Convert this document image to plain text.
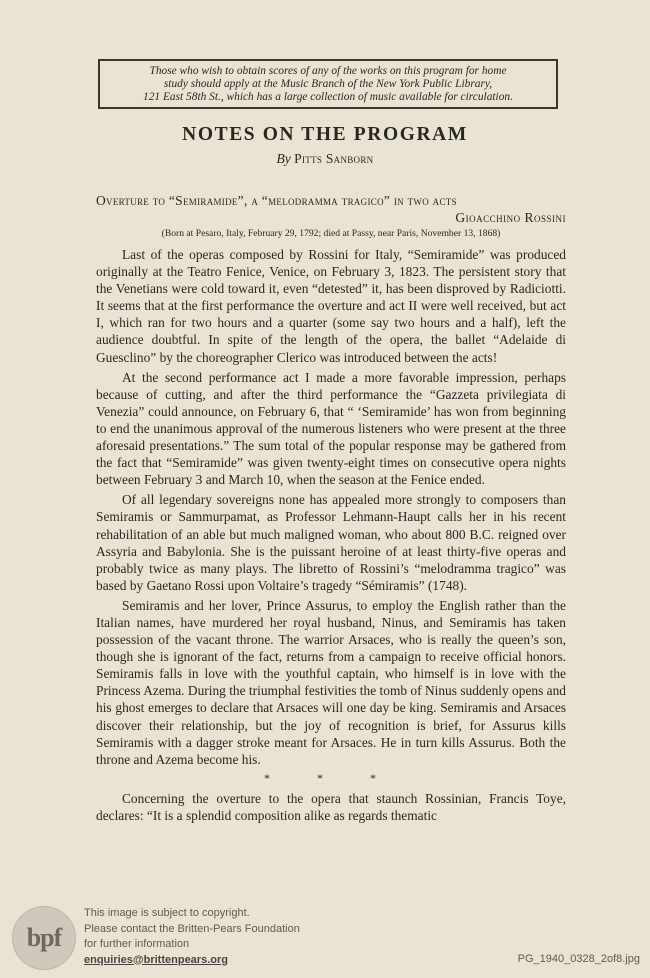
Those who wish to obtain scores of any of the works on this program for home
study should apply at the Music Branch of the New York Public Library,
121 East 58th St., which has a large collection of music available for circulation.
NOTES ON THE PROGRAM
By Pitts Sanborn
Overture to “Semiramide”, a “melodramma tragico” in two acts
Gioacchino Rossini
(Born at Pesaro, Italy, February 29, 1792; died at Passy, near Paris, November 13, 1868)

Last of the operas composed by Rossini for Italy, “Semiramide” was produced originally at the Teatro Fenice, Venice, on February 3, 1823. The persistent story that the Venetians were cold toward it, even “detested” it, has been disproved by Radiciotti. It seems that at the first performance the overture and act II were well received, but act I, which ran for two hours and a quarter (some say two hours and a half), left the audience doubtful. In spite of the length of the opera, the ballet “Adelaide di Guesclino” by the choreographer Clerico was introduced between the acts!

At the second performance act I made a more favorable impression, perhaps because of cutting, and after the third performance the “Gazzeta privilegiata di Venezia” could announce, on February 6, that “ ‘Semiramide’ has won from beginning to end the unanimous approval of the numerous listeners who were present at the three aforesaid presentations.” The sum total of the popular response may be gathered from the fact that “Semiramide” was given twenty-eight times on consecutive opera nights between February 3 and March 10, when the season at the Fenice ended.

Of all legendary sovereigns none has appealed more strongly to composers than Semiramis or Sammurpamat, as Professor Lehmann-Haupt calls her in his recent rehabilitation of an able but much maligned woman, who about 800 B.C. reigned over Assyria and Babylonia. She is the puissant heroine of at least thirty-five operas and probably twice as many plays. The libretto of Rossini’s “melodramma tragico” was based by Gaetano Rossi upon Voltaire’s tragedy “Sémiramis” (1748).

Semiramis and her lover, Prince Assurus, to employ the English rather than the Italian names, have murdered her royal husband, Ninus, and Semiramis has taken possession of the vacant throne. The warrior Arsaces, who is really the queen’s son, though she is ignorant of the fact, returns from a campaign to receive official honors. Semiramis falls in love with the youthful captain, who himself is in love with the Princess Azema. During the triumphal festivities the tomb of Ninus suddenly opens and his ghost emerges to declare that Arsaces will one day be king. Semiramis and Arsaces discover their relationship, but the joy of recognition is brief, for Assurus kills Semiramis with a dagger stroke meant for Arsaces. He in turn kills Assurus. Both the throne and Azema become his.

* * *

Concerning the overture to the opera that staunch Rossinian, Francis Toye, declares: “It is a splendid composition alike as regards thematic

bpf
This image is subject to copyright.
Please contact the Britten-Pears Foundation
for further information
enquiries@brittenpears.org	PG_1940_0328_2of8.jpg
